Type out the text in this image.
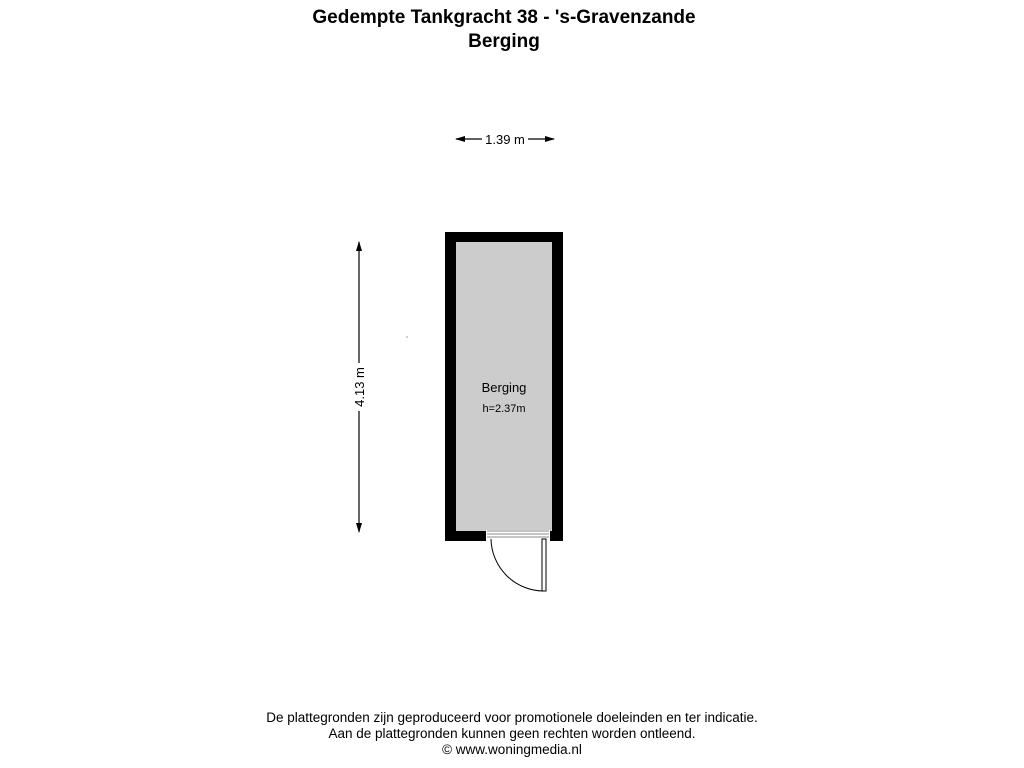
Gedempte Tankgracht 38 - 's-Gravenzande
Berging
1.39 m
4.13 m	Berging
h=2.37m
De plattegronden zijn geproduceerd voor promotionele doeleinden en ter indicatie.
Aan de plattegronden kunnen geen rechten worden ontleend.
© www.woningmedia.nl
